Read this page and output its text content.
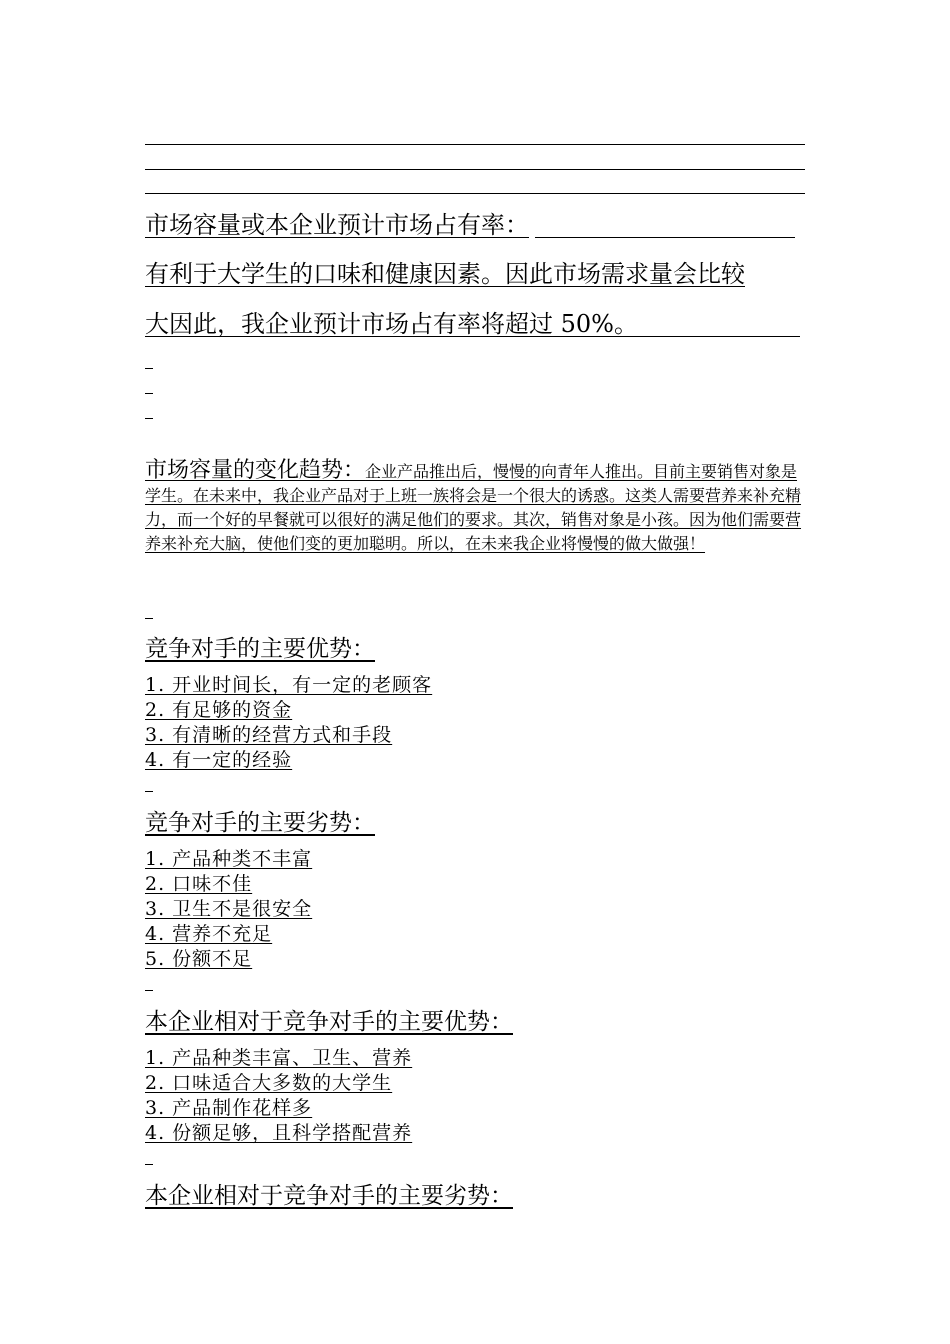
市场容量或本企业预计市场占有率：
有利于大学生的口味和健康因素。因此市场需求量会比较
大因此，我企业预计市场占有率将超过 50%。
市场容量的变化趋势：企业产品推出后，慢慢的向青年人推出。目前主要销售对象是学生。在未来中，我企业产品对于上班一族将会是一个很大的诱惑。这类人需要营养来补充精力，而一个好的早餐就可以很好的满足他们的要求。其次，销售对象是小孩。因为他们需要营养来补充大脑，使他们变的更加聪明。所以，在未来我企业将慢慢的做大做强！
竞争对手的主要优势：
1. 开业时间长，有一定的老顾客
2. 有足够的资金
3. 有清晰的经营方式和手段
4. 有一定的经验
竞争对手的主要劣势：
1. 产品种类不丰富
2. 口味不佳
3. 卫生不是很安全
4. 营养不充足
5. 份额不足
本企业相对于竞争对手的主要优势：
1. 产品种类丰富、卫生、营养
2. 口味适合大多数的大学生
3. 产品制作花样多
4. 份额足够，且科学搭配营养
本企业相对于竞争对手的主要劣势：
